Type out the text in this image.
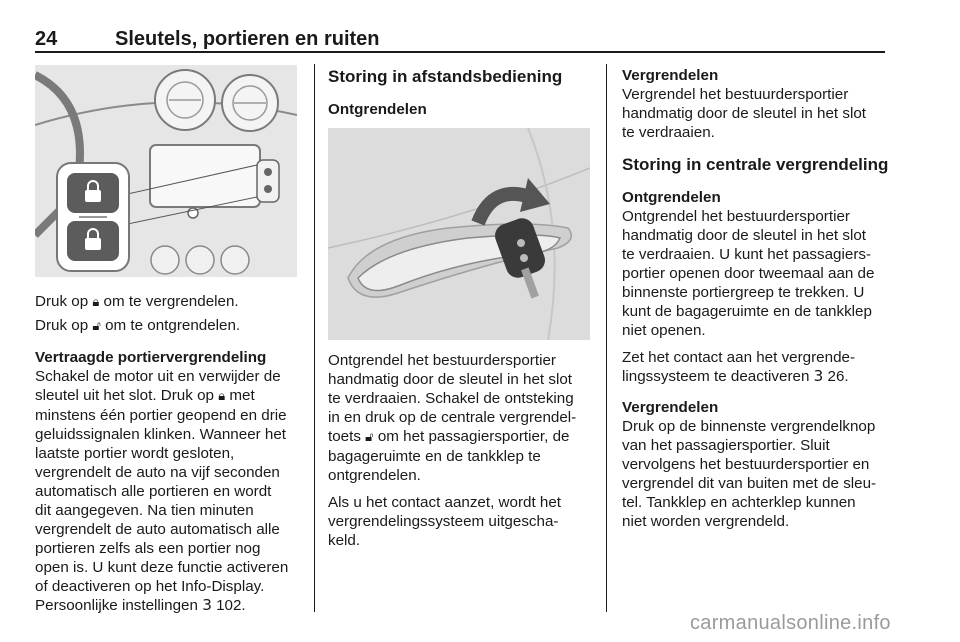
24	Sleutels, portieren en ruiten

Druk op 🔒︎ om te vergrendelen.

Druk op 🔓︎ om te ontgrendelen.

Vertraagde portiervergrendeling

Schakel de motor uit en verwijder de

sleutel uit het slot. Druk op 🔒︎ met

minstens één portier geopend en drie

geluidssignalen klinken. Wanneer het

laatste portier wordt gesloten,

vergrendelt de auto na vijf seconden

automatisch alle portieren en wordt

dit aangegeven. Na tien minuten

vergrendelt de auto automatisch alle

portieren zelfs als een portier nog

open is. U kunt deze functie activeren

of deactiveren op het Info-Display.

Persoonlijke instellingen 3 102.

Storing in afstandsbediening

Ontgrendelen

Ontgrendel het bestuurdersportier

handmatig door de sleutel in het slot

te verdraaien. Schakel de ontsteking

in en druk op de centrale vergrendel-

toets 🔓︎ om het passagiersportier, de

bagageruimte en de tankklep te

ontgrendelen.

Als u het contact aanzet, wordt het

vergrendelingssysteem uitgescha-

keld.

Vergrendelen

Vergrendel het bestuurdersportier

handmatig door de sleutel in het slot

te verdraaien.

Storing in centrale vergrendeling

Ontgrendelen

Ontgrendel het bestuurdersportier

handmatig door de sleutel in het slot

te verdraaien. U kunt het passagiers-

portier openen door tweemaal aan de

binnenste portiergreep te trekken. U

kunt de bagageruimte en de tankklep

niet openen.

Zet het contact aan het vergrende-

lingssysteem te deactiveren 3 26.

Vergrendelen

Druk op de binnenste vergrendelknop

van het passagiersportier. Sluit

vervolgens het bestuurdersportier en

vergrendel dit van buiten met de sleu-

tel. Tankklep en achterklep kunnen

niet worden vergrendeld.

carmanualsonline.info
